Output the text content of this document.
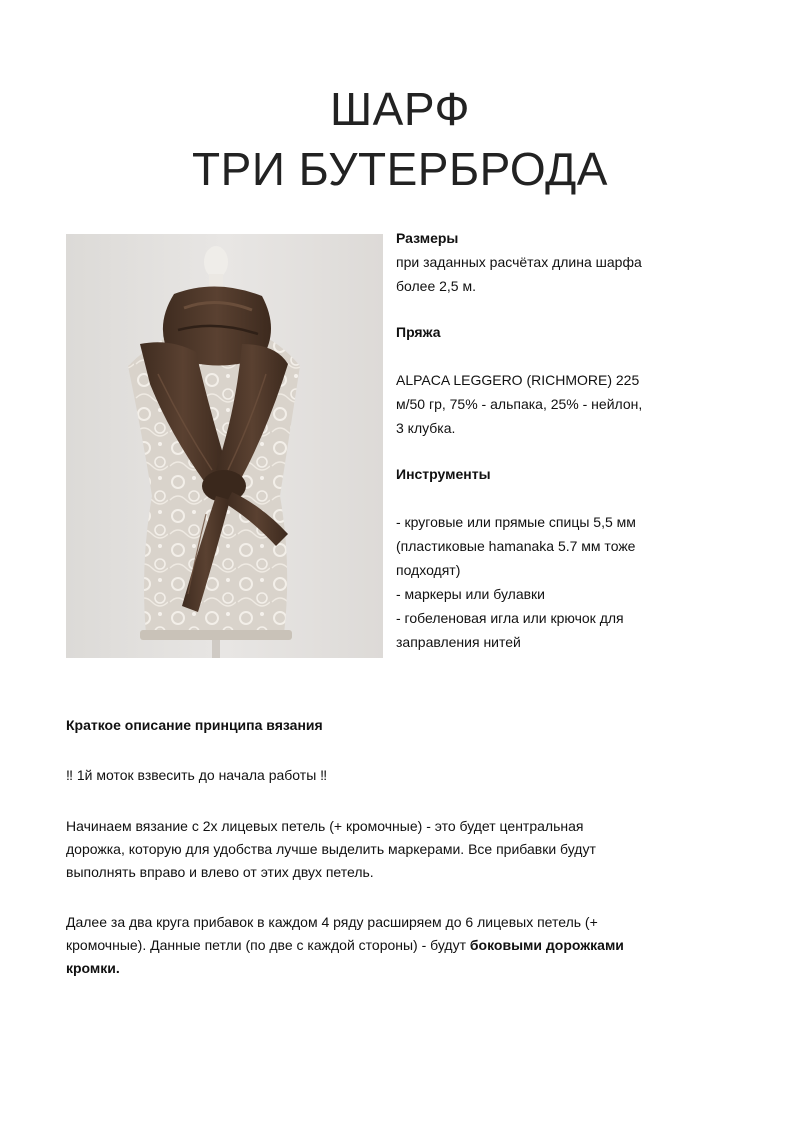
ШАРФ
ТРИ БУТЕРБРОДА

Размеры

при заданных расчётах длина шарфа

более 2,5 м.

Пряжа

ALPACA LEGGERO (RICHMORE) 225

м/50 гр, 75% - альпака, 25% - нейлон,

3 клубка.

Инструменты

- круговые или прямые спицы 5,5 мм

(пластиковые hamanaka 5.7 мм тоже

подходят)

- маркеры или булавки

- гобеленовая игла или крючок для

заправления нитей

Краткое описание принципа вязания

‼ 1й моток взвесить до начала работы ‼

Начинаем вязание с 2х лицевых петель (+ кромочные) - это будет центральная

дорожка, которую для удобства лучше выделить маркерами. Все прибавки будут

выполнять вправо и влево от этих двух петель.

Далее за два круга прибавок в каждом 4 ряду расширяем до 6 лицевых петель (+

кромочные). Данные петли (по две с каждой стороны) - будут боковыми дорожками

кромки.
